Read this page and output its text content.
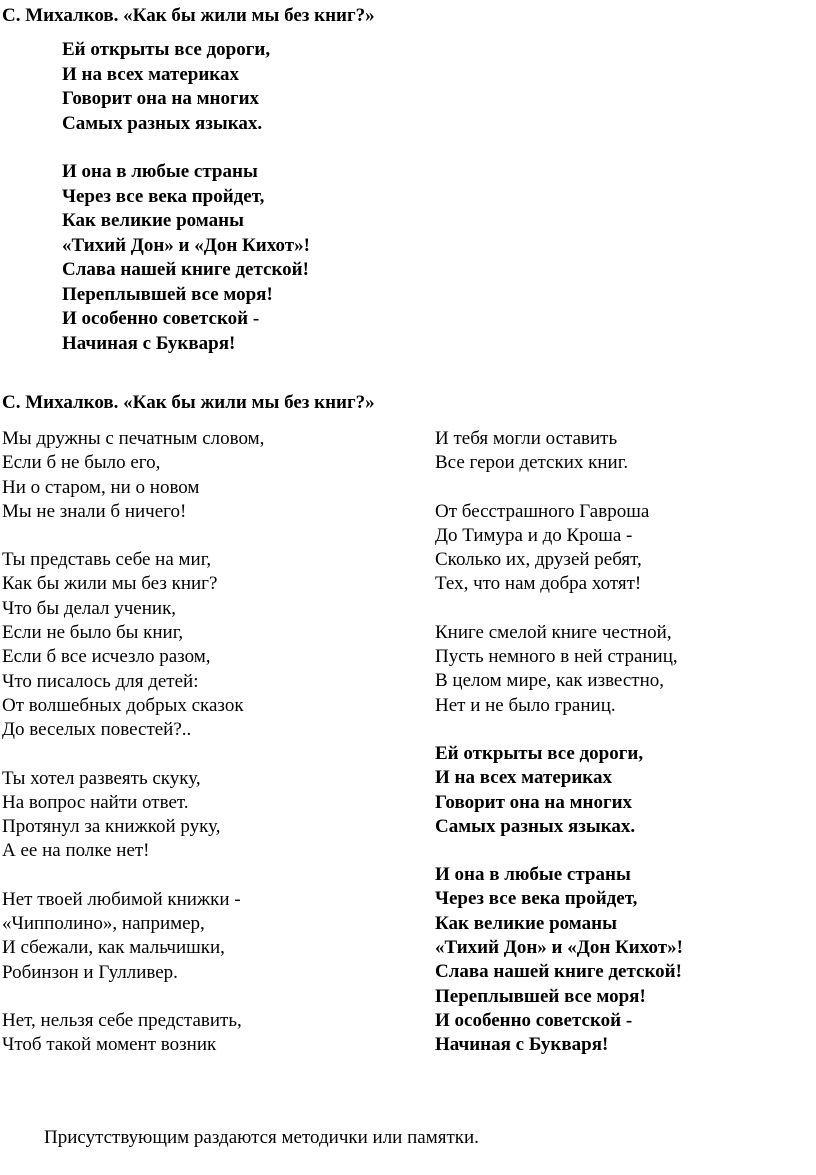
С. Михалков. «Как бы жили мы без книг?»
Ей открыты все дороги,
И на всех материках
Говорит она на многих
Самых разных языках.
И она в любые страны
Через все века пройдет,
Как великие романы
«Тихий Дон» и «Дон Кихот»!
Слава нашей книге детской!
Переплывшей все моря!
И особенно советской -
Начиная с Букваря!
С. Михалков. «Как бы жили мы без книг?»
Мы дружны с печатным словом,
Если б не было его,
Ни о старом, ни о новом
Мы не знали б ничего!
Ты представь себе на миг,
Как бы жили мы без книг?
Что бы делал ученик,
Если не было бы книг,
Если б все исчезло разом,
Что писалось для детей:
От волшебных добрых сказок
До веселых повестей?..
Ты хотел развеять скуку,
На вопрос найти ответ.
Протянул за книжкой руку,
А ее на полке нет!
Нет твоей любимой книжки -
«Чипполино», например,
И сбежали, как мальчишки,
Робинзон и Гулливер.
Нет, нельзя себе представить,
Чтоб такой момент возник
И тебя могли оставить
Все герои детских книг.
От бесстрашного Гавроша
До Тимура и до Кроша -
Сколько их, друзей ребят,
Тех, что нам добра хотят!
Книге смелой книге честной,
Пусть немного в ней страниц,
В целом мире, как известно,
Нет и не было границ.
Ей открыты все дороги,
И на всех материках
Говорит она на многих
Самых разных языках.
И она в любые страны
Через все века пройдет,
Как великие романы
«Тихий Дон» и «Дон Кихот»!
Слава нашей книге детской!
Переплывшей все моря!
И особенно советской -
Начиная с Букваря!

Присутствующим раздаются методички или памятки.
